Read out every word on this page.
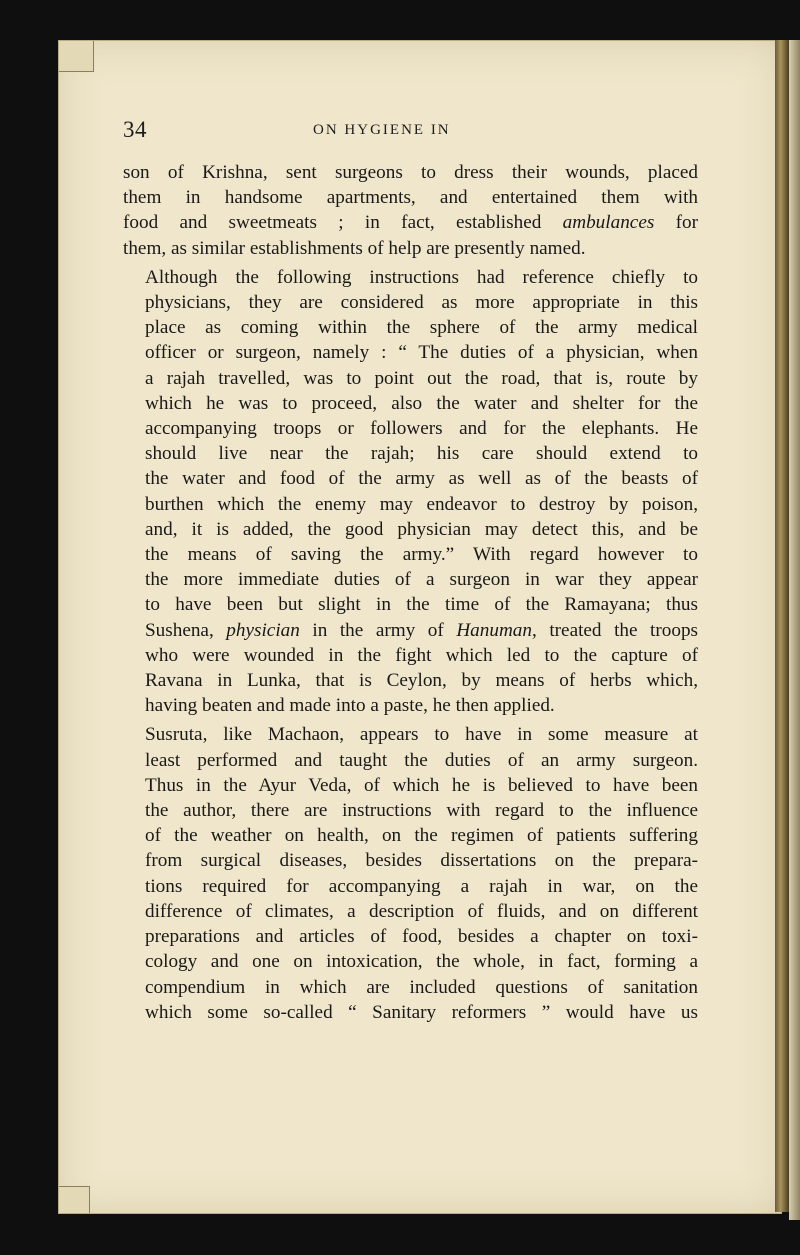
34	ON HYGIENE IN
son of Krishna, sent surgeons to dress their wounds, placed
them in handsome apartments, and entertained them with
food and sweetmeats ; in fact, established ambulances for
them, as similar establishments of help are presently named.
Although the following instructions had reference chiefly to
physicians, they are considered as more appropriate in this
place as coming within the sphere of the army medical
officer or surgeon, namely : “ The duties of a physician, when
a rajah travelled, was to point out the road, that is, route by
which he was to proceed, also the water and shelter for the
accompanying troops or followers and for the elephants. He
should live near the rajah; his care should extend to
the water and food of the army as well as of the beasts of
burthen which the enemy may endeavor to destroy by poison,
and, it is added, the good physician may detect this, and be
the means of saving the army.” With regard however to
the more immediate duties of a surgeon in war they appear
to have been but slight in the time of the Ramayana; thus
Sushena, physician in the army of Hanuman, treated the troops
who were wounded in the fight which led to the capture of
Ravana in Lunka, that is Ceylon, by means of herbs which,
having beaten and made into a paste, he then applied.
Susruta, like Machaon, appears to have in some measure at
least performed and taught the duties of an army surgeon.
Thus in the Ayur Veda, of which he is believed to have been
the author, there are instructions with regard to the influence
of the weather on health, on the regimen of patients suffering
from surgical diseases, besides dissertations on the prepara-
tions required for accompanying a rajah in war, on the
difference of climates, a description of fluids, and on different
preparations and articles of food, besides a chapter on toxi-
cology and one on intoxication, the whole, in fact, forming a
compendium in which are included questions of sanitation
which some so-called “ Sanitary reformers ” would have us
